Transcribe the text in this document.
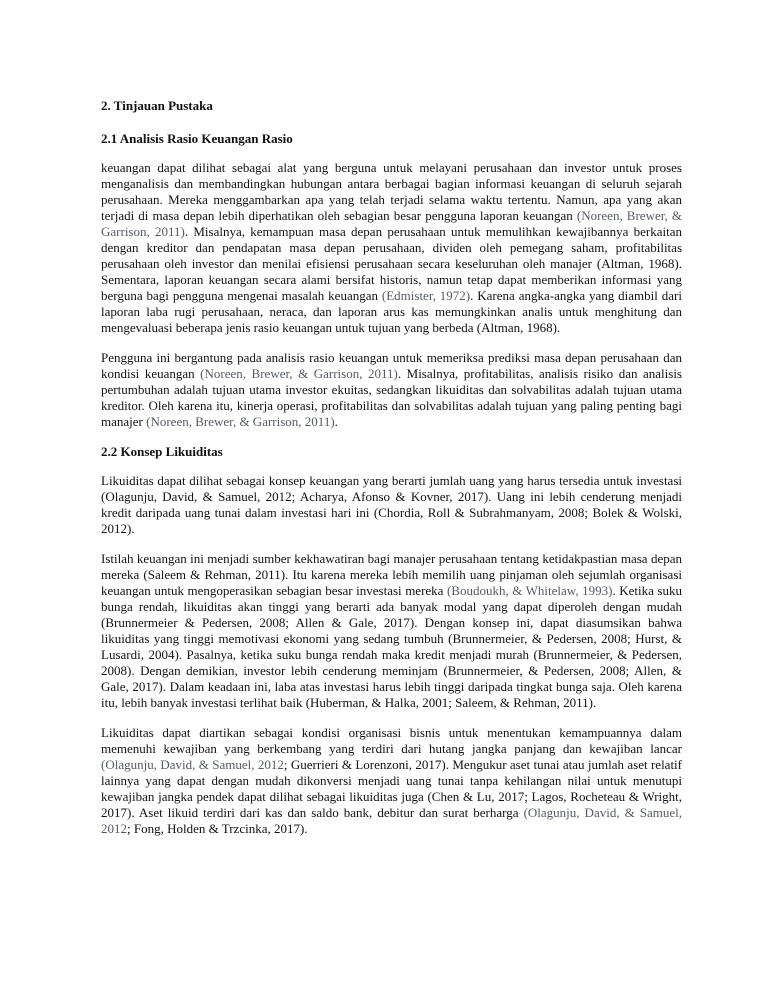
2. Tinjauan Pustaka
2.1 Analisis Rasio Keuangan Rasio

keuangan dapat dilihat sebagai alat yang berguna untuk melayani perusahaan dan investor untuk proses menganalisis dan membandingkan hubungan antara berbagai bagian informasi keuangan di seluruh sejarah perusahaan. Mereka menggambarkan apa yang telah terjadi selama waktu tertentu. Namun, apa yang akan terjadi di masa depan lebih diperhatikan oleh sebagian besar pengguna laporan keuangan (Noreen, Brewer, & Garrison, 2011). Misalnya, kemampuan masa depan perusahaan untuk memulihkan kewajibannya berkaitan dengan kreditor dan pendapatan masa depan perusahaan, dividen oleh pemegang saham, profitabilitas perusahaan oleh investor dan menilai efisiensi perusahaan secara keseluruhan oleh manajer (Altman, 1968). Sementara, laporan keuangan secara alami bersifat historis, namun tetap dapat memberikan informasi yang berguna bagi pengguna mengenai masalah keuangan (Edmister, 1972). Karena angka-angka yang diambil dari laporan laba rugi perusahaan, neraca, dan laporan arus kas memungkinkan analis untuk menghitung dan mengevaluasi beberapa jenis rasio keuangan untuk tujuan yang berbeda (Altman, 1968).

Pengguna ini bergantung pada analisis rasio keuangan untuk memeriksa prediksi masa depan perusahaan dan kondisi keuangan (Noreen, Brewer, & Garrison, 2011). Misalnya, profitabilitas, analisis risiko dan analisis pertumbuhan adalah tujuan utama investor ekuitas, sedangkan likuiditas dan solvabilitas adalah tujuan utama kreditor. Oleh karena itu, kinerja operasi, profitabilitas dan solvabilitas adalah tujuan yang paling penting bagi manajer (Noreen, Brewer, & Garrison, 2011).

2.2 Konsep Likuiditas

Likuiditas dapat dilihat sebagai konsep keuangan yang berarti jumlah uang yang harus tersedia untuk investasi (Olagunju, David, & Samuel, 2012; Acharya, Afonso & Kovner, 2017). Uang ini lebih cenderung menjadi kredit daripada uang tunai dalam investasi hari ini (Chordia, Roll & Subrahmanyam, 2008; Bolek & Wolski, 2012).

Istilah keuangan ini menjadi sumber kekhawatiran bagi manajer perusahaan tentang ketidakpastian masa depan mereka (Saleem & Rehman, 2011). Itu karena mereka lebih memilih uang pinjaman oleh sejumlah organisasi keuangan untuk mengoperasikan sebagian besar investasi mereka (Boudoukh, & Whitelaw, 1993). Ketika suku bunga rendah, likuiditas akan tinggi yang berarti ada banyak modal yang dapat diperoleh dengan mudah (Brunnermeier & Pedersen, 2008; Allen & Gale, 2017). Dengan konsep ini, dapat diasumsikan bahwa likuiditas yang tinggi memotivasi ekonomi yang sedang tumbuh (Brunnermeier, & Pedersen, 2008; Hurst, & Lusardi, 2004). Pasalnya, ketika suku bunga rendah maka kredit menjadi murah (Brunnermeier, & Pedersen, 2008). Dengan demikian, investor lebih cenderung meminjam (Brunnermeier, & Pedersen, 2008; Allen, & Gale, 2017). Dalam keadaan ini, laba atas investasi harus lebih tinggi daripada tingkat bunga saja. Oleh karena itu, lebih banyak investasi terlihat baik (Huberman, & Halka, 2001; Saleem, & Rehman, 2011).

Likuiditas dapat diartikan sebagai kondisi organisasi bisnis untuk menentukan kemampuannya dalam memenuhi kewajiban yang berkembang yang terdiri dari hutang jangka panjang dan kewajiban lancar (Olagunju, David, & Samuel, 2012; Guerrieri & Lorenzoni, 2017). Mengukur aset tunai atau jumlah aset relatif lainnya yang dapat dengan mudah dikonversi menjadi uang tunai tanpa kehilangan nilai untuk menutupi kewajiban jangka pendek dapat dilihat sebagai likuiditas juga (Chen & Lu, 2017; Lagos, Rocheteau & Wright, 2017). Aset likuid terdiri dari kas dan saldo bank, debitur dan surat berharga (Olagunju, David, & Samuel, 2012; Fong, Holden & Trzcinka, 2017).
